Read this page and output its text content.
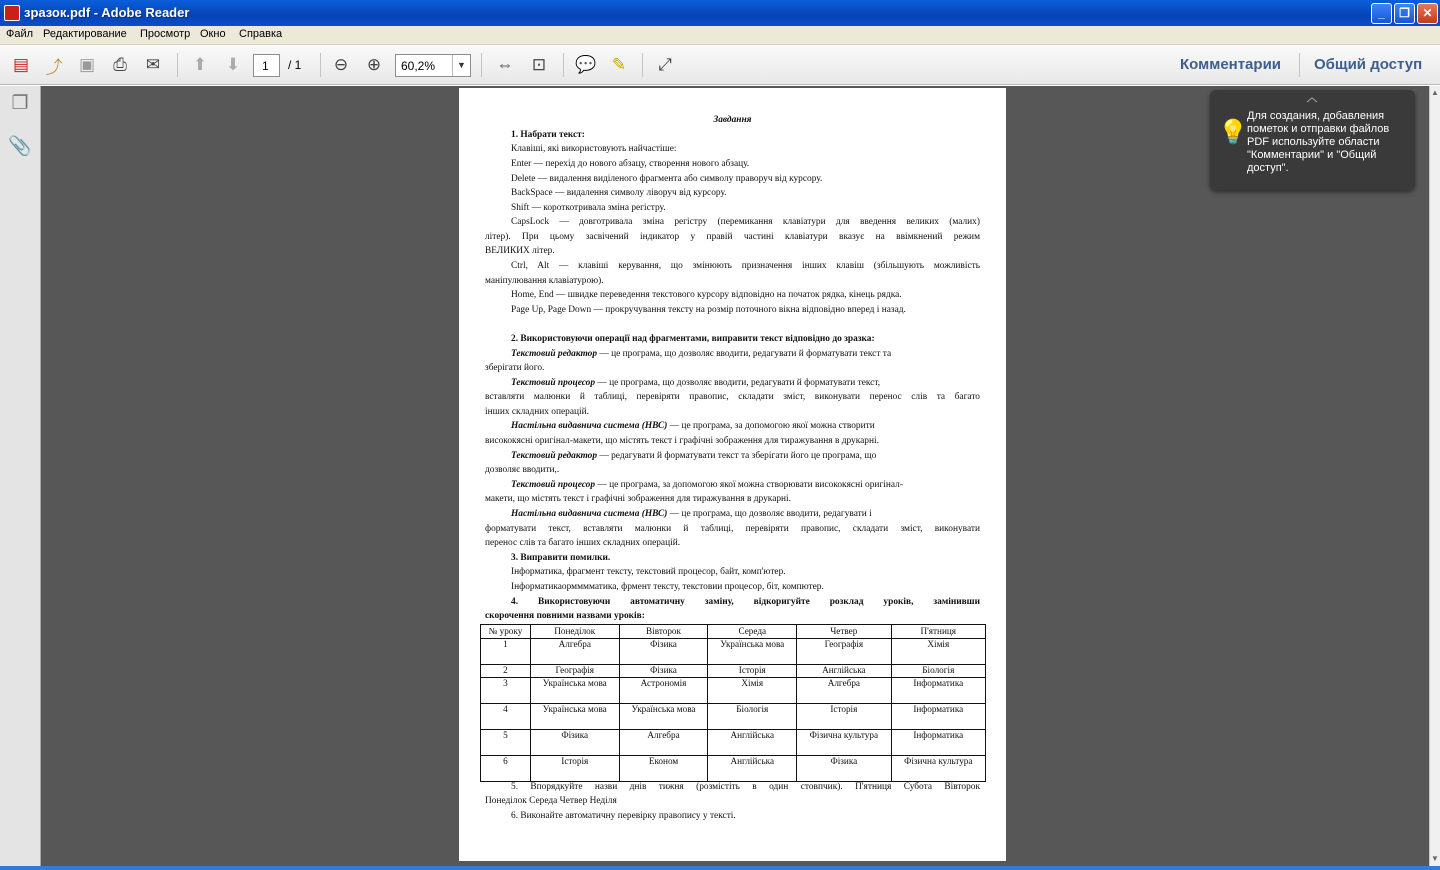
зразок.pdf - Adobe Reader	_	❐	✕
Файл Редактирование Просмотр Окно Справка
▤ ⤴ ▣	⎙	✉	⬆	⬇	1	/ 1	⊖	⊕	60,2%	▼ ⇔	⊡	💬 ✎	⤢	Комментарии Общий доступ
❐
📎
▲
▼
Завдання
1. Набрати текст:
Клавіші, які використовують найчастіше:
Enter — перехід до нового абзацу, створення нового абзацу.
Delete — видалення виділеного фрагмента або символу праворуч від курсору.
BackSpace — видалення символу ліворуч від курсору.
Shift — короткотривала зміна регістру.
CapsLock — довготривала зміна регістру (перемикання клавіатури для введення великих (малих)
літер). При цьому засвічений індикатор у правій частині клавіатури вказує на ввімкнений режим
ВЕЛИКИХ літер.
Ctrl, Alt — клавіші керування, що змінюють призначення інших клавіш (збільшують можливість
маніпулювання клавіатурою).
Home, End — швидке переведення текстового курсору відповідно на початок рядка, кінець рядка.
Page Up, Page Down — прокручування тексту на розмір поточного вікна відповідно вперед і назад.
2. Використовуючи операції над фрагментами, виправити текст відповідно до зразка:
Текстовий редактор — це програма, що дозволяє вводити, редагувати й форматувати текст та
зберігати його.
Текстовий процесор — це програма, що дозволяє вводити, редагувати й форматувати текст,
вставляти малюнки й таблиці, перевіряти правопис, складати зміст, виконувати перенос слів та багато
інших складних операцій.
Настільна видавнича система (НВС) — це програма, за допомогою якої можна створити
висококясні оригінал-макети, що містять текст і графічні зображення для тиражування в друкарні.
Текстовий редактор — редагувати й форматувати текст та зберігати його це програма, що
дозволяє вводити,.
Текстовий процесор — це програма, за допомогою якої можна створювати висококясні оригінал-
макети, що містять текст і графічні зображення для тиражування в друкарні.
Настільна видавнича система (НВС) — це програма, що дозволяє вводити, редагувати і
форматувати текст, вставляти малюнки й таблиці, перевіряти правопис, складати зміст, виконувати
перенос слів та багато інших складних операцій.
3. Виправити помилки.
Інформатика, фрагмент тексту, текстовий процесор, байт, комп'ютер.
Інформатикаормммматика, фрмент тексту, текстовии процесор, біт, компютер.
4. Використовуючи автоматичну заміну, відкоригуйте розклад уроків, замінивши
скорочення повними назвами уроків:
№ уроку	Понеділок	Вівторок	Середа	Четвер	П'ятниця
1	Алгебра	Фізика	Українська мова	Географія	Хімія
2	Географія	Фізика	Історія	Англійська	Біологія
3	Українська мова	Астрономія	Хімія	Алгебра	Інформатика
4	Українська мова	Українська мова	Біологія	Історія	Інформатика
5	Фізика	Алгебра	Англійська	Фізична культура	Інформатика
6	Історія	Економ	Англійська	Фізика	Фізична культура
5. Впорядкуйте назви днів тижня (розмістіть в один стовпчик). П'ятниця Субота Вівторок
Понеділок Середа Четвер Неділя
6. Виконайте автоматичну перевірку правопису у тексті.
︿
💡
Для создания, добавления пометок и отправки файлов PDF используйте области "Комментарии" и "Общий доступ".
